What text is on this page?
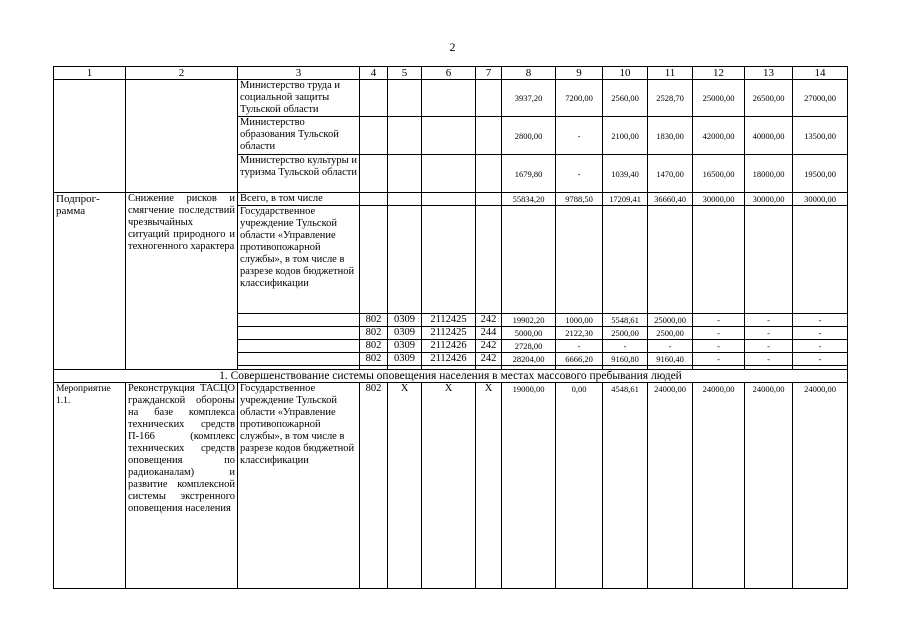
2
1	2	3	4	5	6	7	8	9	10	11	12	13	14
		Министерство труда и социальной защиты Тульской области					3937,20	7200,00	2560,00	2528,70	25000,00	26500,00	27000,00
		Министерство образования Тульской области					2800,00	-	2100,00	1830,00	42000,00	40000,00	13500,00
		Министерство культуры и туризма Тульской области					1679,80	-	1039,40	1470,00	16500,00	18000,00	19500,00
Подпрог-рамма	Снижение рисков и смягчение последствий чрезвычайных ситуаций природного и техногенного характера	Всего, в том числе					55834,20	9788,50	17209,41	36660,40	30000,00	30000,00	30000,00
		Государственное учреждение Тульской области «Управление противопожарной службы», в том числе в разрезе кодов бюджетной классификации											
			802	0309	2112425	242	19902,20	1000,00	5548,61	25000,00	-	-	-
			802	0309	2112425	244	5000,00	2122,30	2500,00	2500,00	-	-	-
			802	0309	2112426	242	2728,00	-	-	-	-	-	-
			802	0309	2112426	242	28204,00	6666,20	9160,80	9160,40	-	-	-

1. Совершенствование системы оповещения населения в местах массового пребывания людей													
Мероприятие 1.1.	Реконструкция ТАСЦО гражданской обороны на базе комплекса технических средств П-166 (комплекс технических средств оповещения по радиоканалам) и развитие комплексной системы экстренного оповещения населения	Государственное учреждение Тульской области «Управление противопожарной службы», в том числе в разрезе кодов бюджетной классификации	802	Х	Х	Х	19000,00	0,00	4548,61	24000,00	24000,00	24000,00	24000,00
